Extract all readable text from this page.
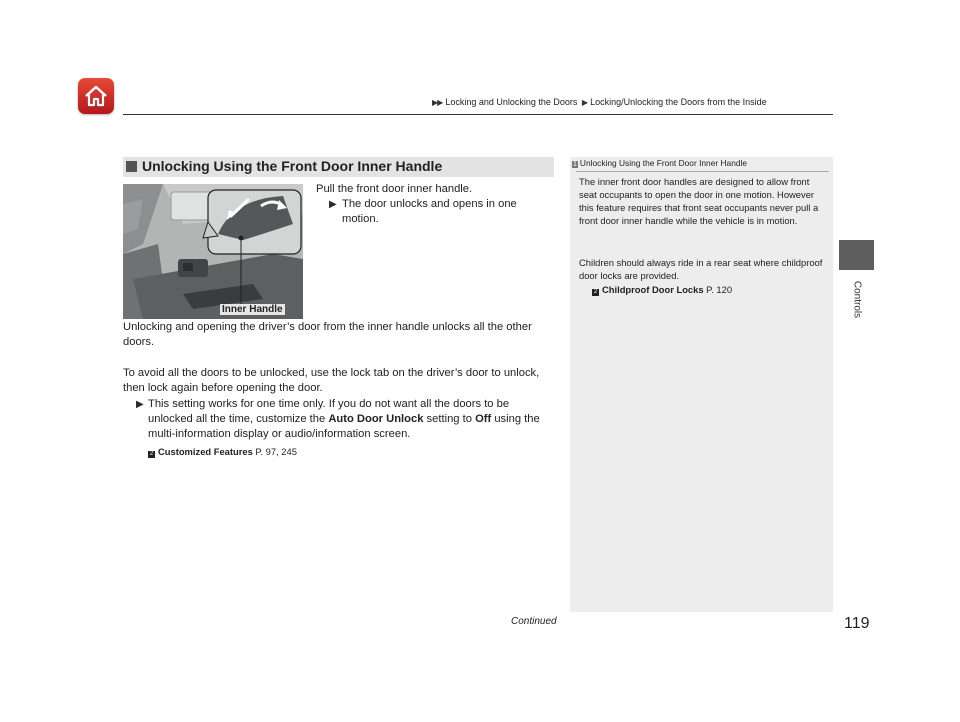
▶▶ Locking and Unlocking the Doors ▶ Locking/Unlocking the Doors from the Inside
Controls
Unlocking Using the Front Door Inner Handle
Inner Handle
Pull the front door inner handle.
▶ The door unlocks and opens in one motion.
Unlocking and opening the driver’s door from the inner handle unlocks all the other doors.
To avoid all the doors to be unlocked, use the lock tab on the driver’s door to unlock, then lock again before opening the door.
▶ This setting works for one time only. If you do not want all the doors to be unlocked all the time, customize the Auto Door Unlock setting to Off using the multi-information display or audio/information screen.
2 Customized Features P. 97, 245
1 Unlocking Using the Front Door Inner Handle
The inner front door handles are designed to allow front seat occupants to open the door in one motion. However this feature requires that front seat occupants never pull a front door inner handle while the vehicle is in motion.
Children should always ride in a rear seat where childproof door locks are provided.
2 Childproof Door Locks P. 120
Continued	119
